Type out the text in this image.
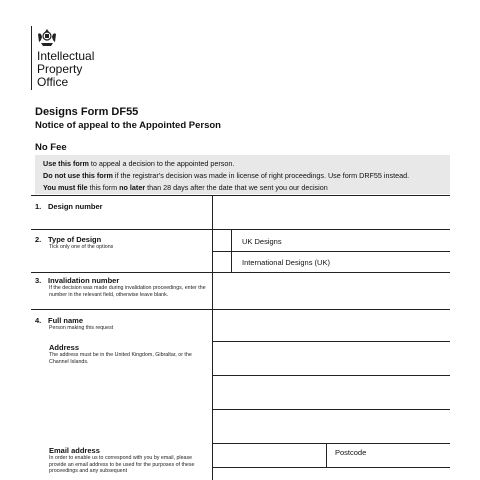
Intellectual
Property
Office
Designs Form DF55
Notice of appeal to the Appointed Person
No Fee
Use this form to appeal a decision to the appointed person.
Do not use this form if the registrar's decision was made in license of right proceedings. Use form DRF55 instead.
You must file this form no later than 28 days after the date that we sent you our decision
1. Design number
2. Type of Design
Tick only one of the options
UK Designs
International Designs (UK)
3. Invalidation number
If the decision was made during invalidation proceedings, enter the number in the relevant field, otherwise leave blank.
4. Full name
Person making this request
Address
The address must be in the United Kingdom, Gibraltar, or the Channel Islands.
Postcode
Email address
In order to enable us to correspond with you by email, please provide an email address to be used for the purposes of these proceedings and any subsequent
